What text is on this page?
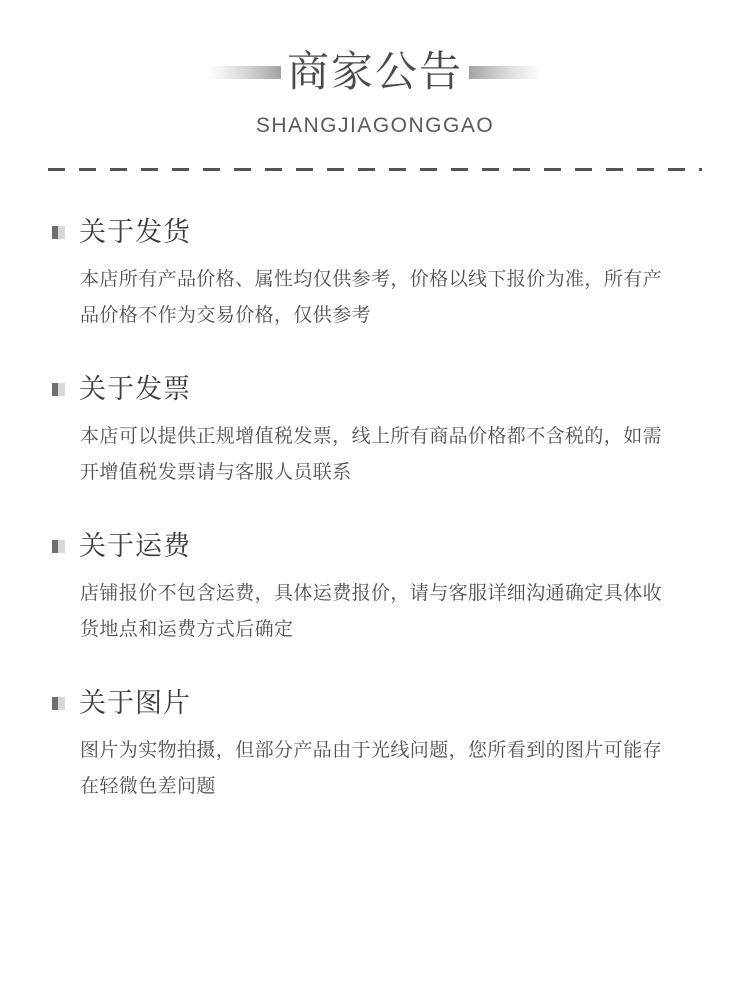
商家公告
SHANGJIAGONGGAO
关于发货
本店所有产品价格、属性均仅供参考，价格以线下报价为准，所有产品价格不作为交易价格，仅供参考
关于发票
本店可以提供正规增值税发票，线上所有商品价格都不含税的，如需开增值税发票请与客服人员联系
关于运费
店铺报价不包含运费，具体运费报价，请与客服详细沟通确定具体收货地点和运费方式后确定
关于图片
图片为实物拍摄，但部分产品由于光线问题，您所看到的图片可能存在轻微色差问题
